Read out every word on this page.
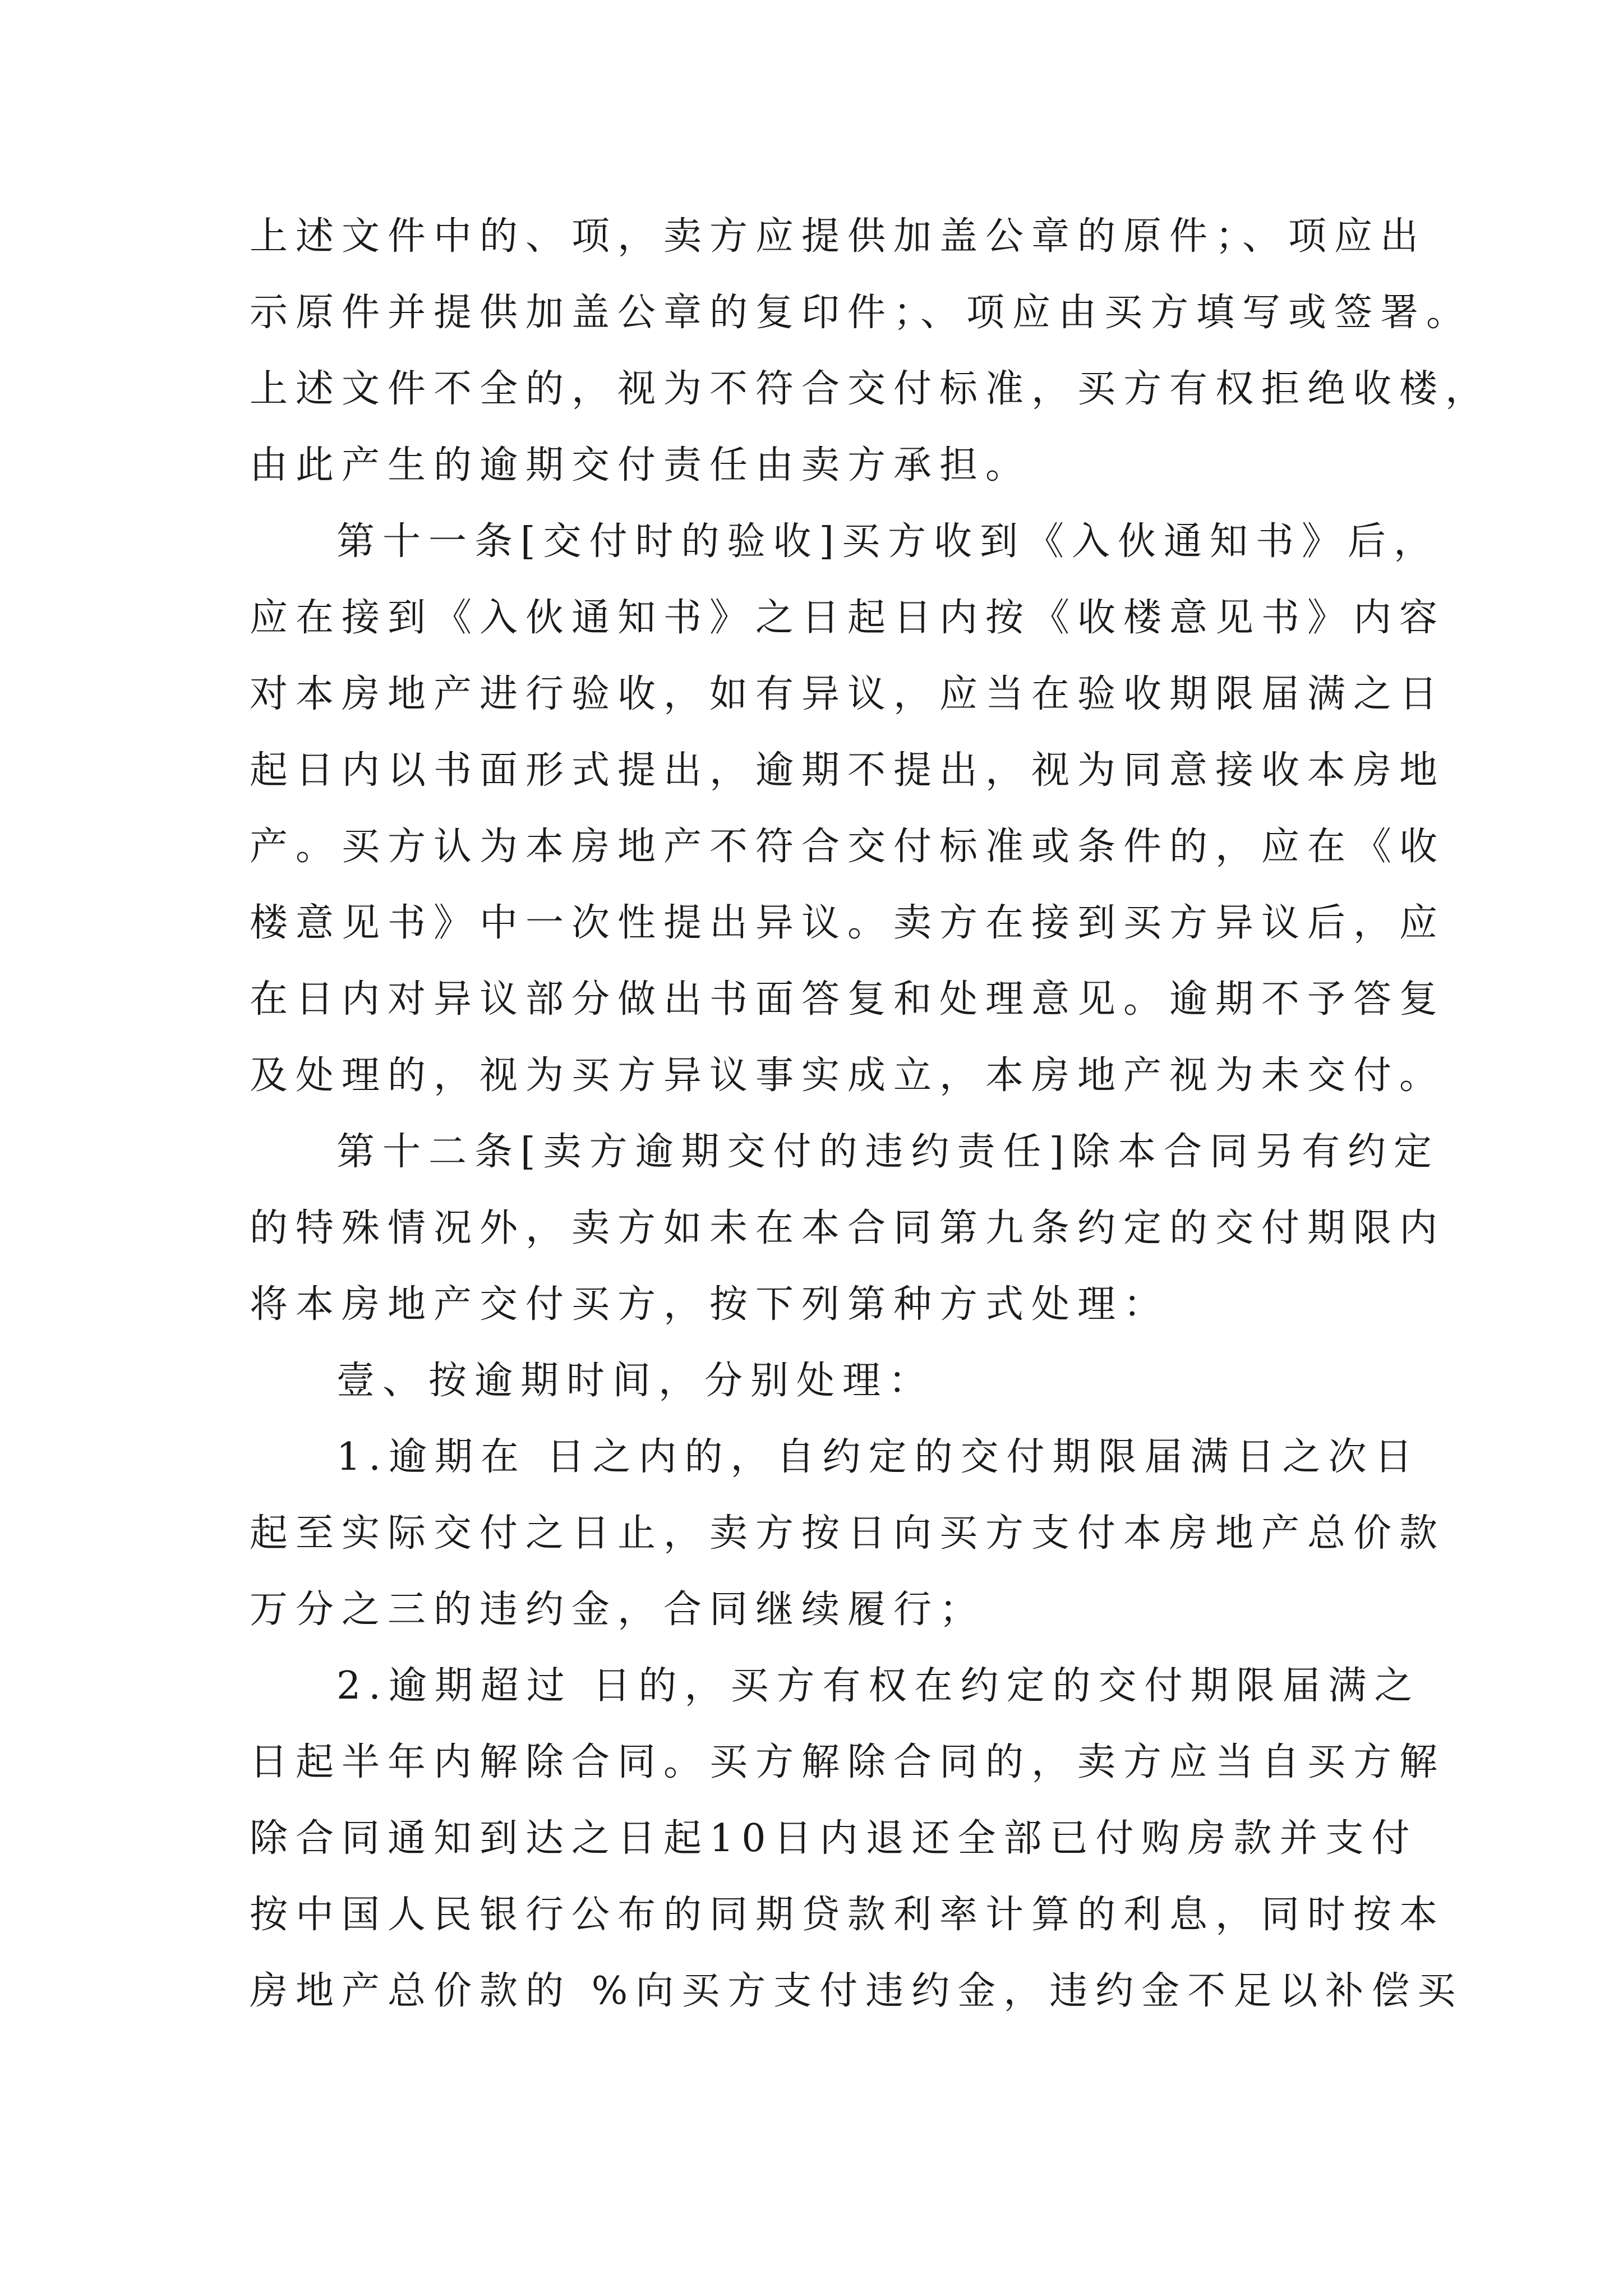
上述文件中的、项，卖方应提供加盖公章的原件；、项应出
示原件并提供加盖公章的复印件；、项应由买方填写或签署。
上述文件不全的，视为不符合交付标准，买方有权拒绝收楼，
由此产生的逾期交付责任由卖方承担。
第十一条[交付时的验收]买方收到《入伙通知书》后，
应在接到《入伙通知书》之日起日内按《收楼意见书》内容
对本房地产进行验收，如有异议，应当在验收期限届满之日
起日内以书面形式提出，逾期不提出，视为同意接收本房地
产。买方认为本房地产不符合交付标准或条件的，应在《收
楼意见书》中一次性提出异议。卖方在接到买方异议后，应
在日内对异议部分做出书面答复和处理意见。逾期不予答复
及处理的，视为买方异议事实成立，本房地产视为未交付。
第十二条[卖方逾期交付的违约责任]除本合同另有约定
的特殊情况外，卖方如未在本合同第九条约定的交付期限内
将本房地产交付买方，按下列第种方式处理：
壹、按逾期时间，分别处理：
1.逾期在 日之内的，自约定的交付期限届满日之次日
起至实际交付之日止，卖方按日向买方支付本房地产总价款
万分之三的违约金，合同继续履行；
2.逾期超过 日的，买方有权在约定的交付期限届满之
日起半年内解除合同。买方解除合同的，卖方应当自买方解
除合同通知到达之日起10日内退还全部已付购房款并支付
按中国人民银行公布的同期贷款利率计算的利息，同时按本
房地产总价款的 %向买方支付违约金，违约金不足以补偿买
